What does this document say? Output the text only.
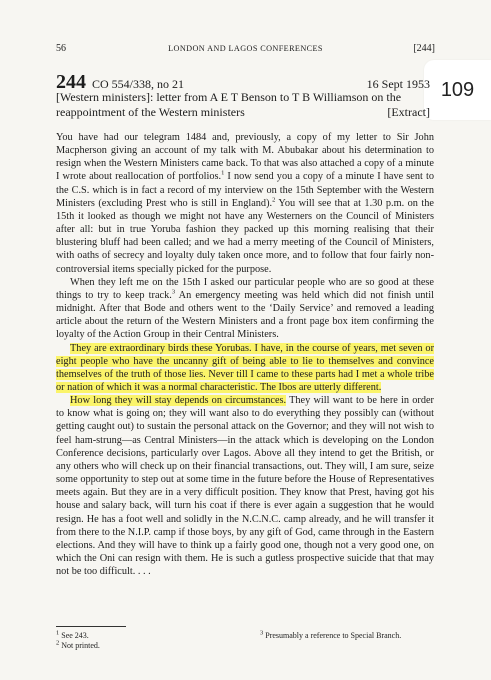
56	LONDON AND LAGOS CONFERENCES	[244]
109
244 CO 554/338, no 21	16 Sept 1953
[Western ministers]: letter from A E T Benson to T B Williamson on the reappointment of the Western ministers	[Extract]

You have had our telegram 1484 and, previously, a copy of my letter to Sir John Macpherson giving an account of my talk with M. Abubakar about his determination to resign when the Western Ministers came back. To that was also attached a copy of a minute I wrote about reallocation of portfolios.$^1$ I now send you a copy of a minute I have sent to the C.S. which is in fact a record of my interview on the 15th September with the Western Ministers (excluding Prest who is still in England).$^2$ You will see that at 1.30 p.m. on the 15th it looked as though we might not have any Westerners on the Council of Ministers after all: but in true Yoruba fashion they packed up this morning realising that their blustering bluff had been called; and we had a merry meeting of the Council of Ministers, with oaths of secrecy and loyalty duly taken once more, and to follow that four fairly non-controversial items specially picked for the purpose.

When they left me on the 15th I asked our particular people who are so good at these things to try to keep track.$^3$ An emergency meeting was held which did not finish until midnight. After that Bode and others went to the ‘Daily Service’ and removed a leading article about the return of the Western Ministers and a front page box item confirming the loyalty of the Action Group in their Central Ministers.

They are extraordinary birds these Yorubas. I have, in the course of years, met seven or eight people who have the uncanny gift of being able to lie to themselves and convince themselves of the truth of those lies. Never till I came to these parts had I met a whole tribe or nation of which it was a normal characteristic. The Ibos are utterly different.

How long they will stay depends on circumstances. They will want to be here in order to know what is going on; they will want also to do everything they possibly can (without getting caught out) to sustain the personal attack on the Governor; and they will not wish to feel ham-strung—as Central Ministers—in the attack which is developing on the London Conference decisions, particularly over Lagos. Above all they intend to get the British, or any others who will check up on their financial transactions, out. They will, I am sure, seize some opportunity to step out at some time in the future before the House of Representatives meets again. But they are in a very difficult position. They know that Prest, having got his house and salary back, will turn his coat if there is ever again a suggestion that he would resign. He has a foot well and solidly in the N.C.N.C. camp already, and he will transfer it from there to the N.I.P. camp if those boys, by any gift of God, came through in the Eastern elections. And they will have to think up a fairly good one, though not a very good one, on which the Oni can resign with them. He is such a gutless prospective suicide that that may not be too difficult. . . .

$^1$ See 243.
$^2$ Not printed.
$^3$ Presumably a reference to Special Branch.
